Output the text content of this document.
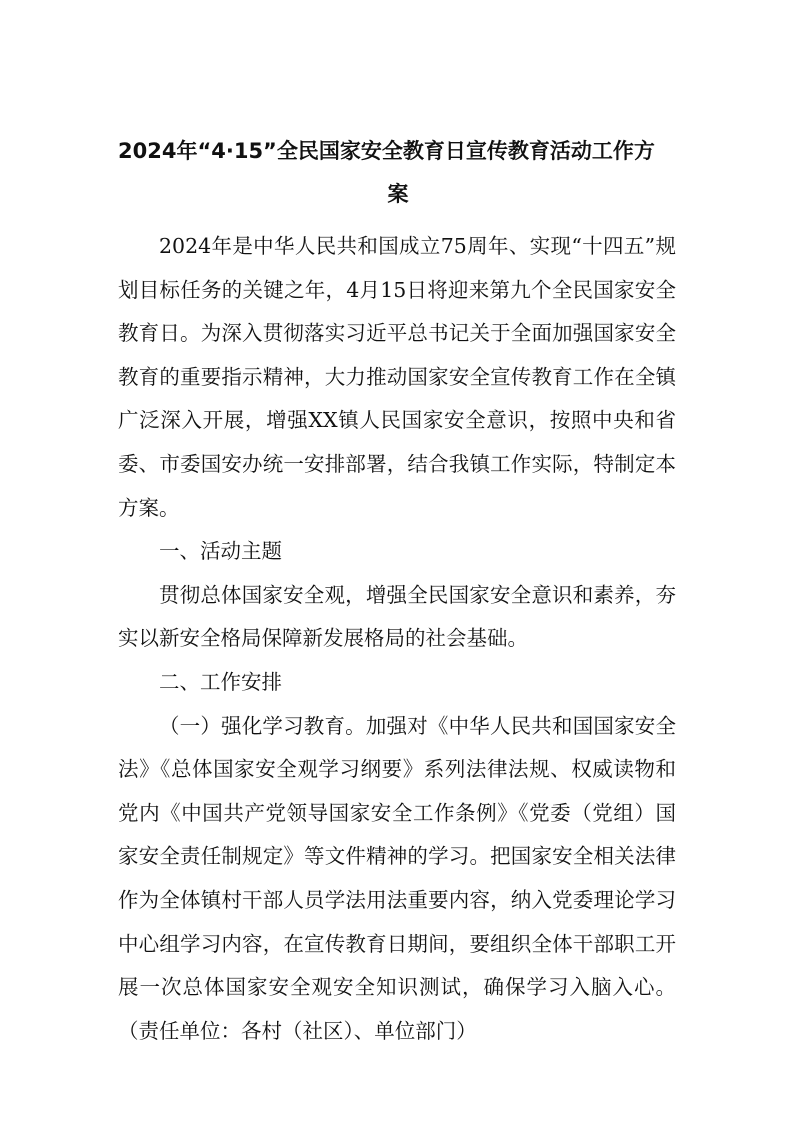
2024年“4·15”全民国家安全教育日宣传教育活动工作方
案

2024年是中华人民共和国成立75周年、实现“十四五”规划目标任务的关键之年，4月15日将迎来第九个全民国家安全教育日。为深入贯彻落实习近平总书记关于全面加强国家安全教育的重要指示精神，大力推动国家安全宣传教育工作在全镇广泛深入开展，增强XX镇人民国家安全意识，按照中央和省委、市委国安办统一安排部署，结合我镇工作实际，特制定本方案。

一、活动主题

贯彻总体国家安全观，增强全民国家安全意识和素养，夯实以新安全格局保障新发展格局的社会基础。

二、工作安排

（一）强化学习教育。加强对《中华人民共和国国家安全法》《总体国家安全观学习纲要》系列法律法规、权威读物和党内《中国共产党领导国家安全工作条例》《党委（党组）国家安全责任制规定》等文件精神的学习。把国家安全相关法律作为全体镇村干部人员学法用法重要内容，纳入党委理论学习中心组学习内容，在宣传教育日期间，要组织全体干部职工开展一次总体国家安全观安全知识测试，确保学习入脑入心。（责任单位：各村（社区）、单位部门）
